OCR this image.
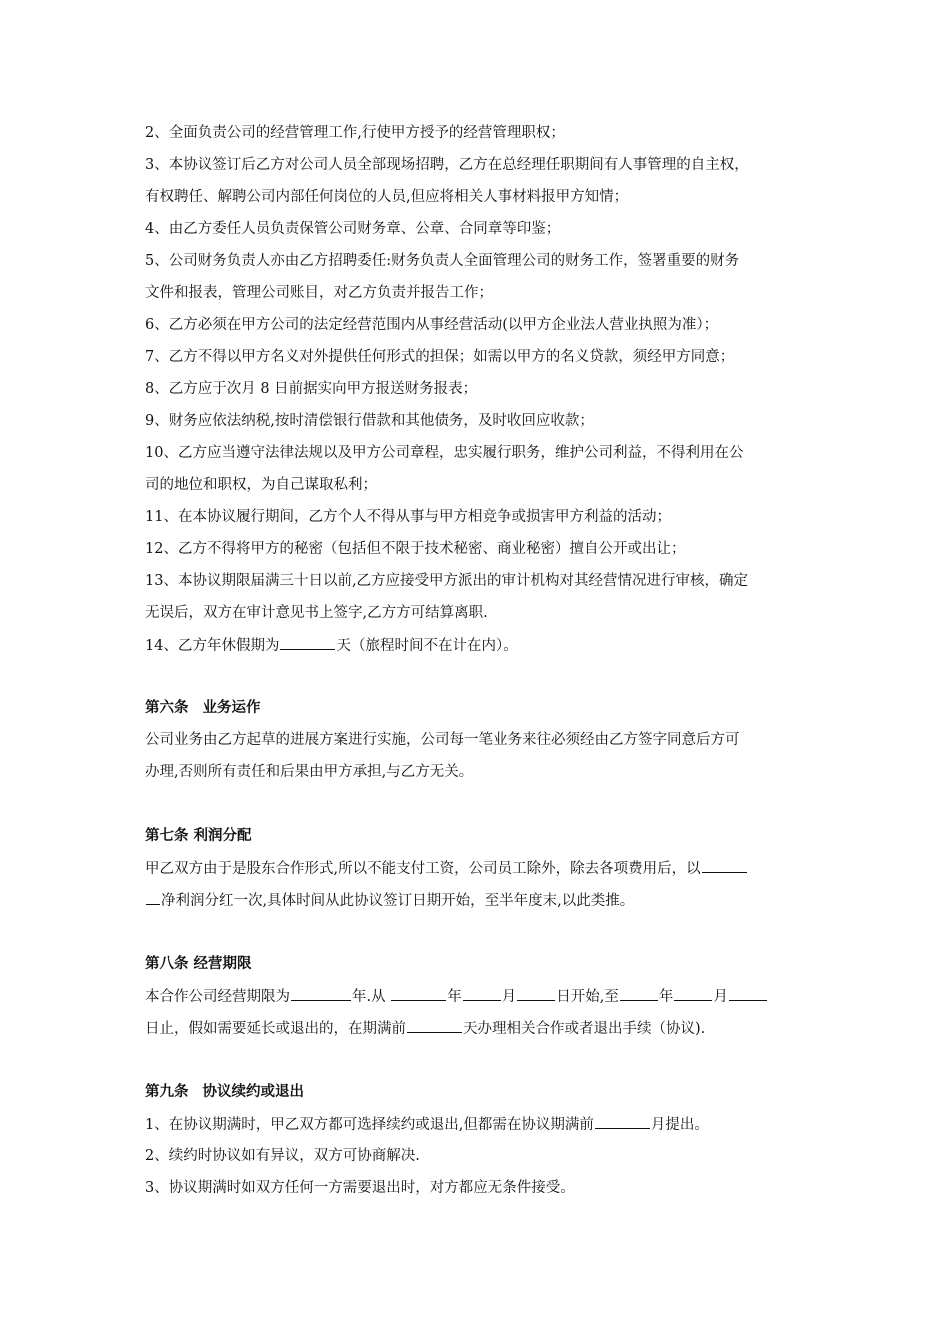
2、全面负责公司的经营管理工作,行使甲方授予的经营管理职权；
3、本协议签订后乙方对公司人员全部现场招聘，乙方在总经理任职期间有人事管理的自主权，
有权聘任、解聘公司内部任何岗位的人员,但应将相关人事材料报甲方知情；
4、由乙方委任人员负责保管公司财务章、公章、合同章等印鉴；
5、公司财务负责人亦由乙方招聘委任:财务负责人全面管理公司的财务工作，签署重要的财务
文件和报表，管理公司账目，对乙方负责并报告工作；
6、乙方必须在甲方公司的法定经营范围内从事经营活动(以甲方企业法人营业执照为准）；
7、乙方不得以甲方名义对外提供任何形式的担保；如需以甲方的名义贷款，须经甲方同意；
8、乙方应于次月 8 日前据实向甲方报送财务报表；
9、财务应依法纳税,按时清偿银行借款和其他债务，及时收回应收款；
10、乙方应当遵守法律法规以及甲方公司章程，忠实履行职务，维护公司利益，不得利用在公
司的地位和职权，为自己谋取私利；
11、在本协议履行期间，乙方个人不得从事与甲方相竞争或损害甲方利益的活动；
12、乙方不得将甲方的秘密（包括但不限于技术秘密、商业秘密）擅自公开或出让；
13、本协议期限届满三十日以前,乙方应接受甲方派出的审计机构对其经营情况进行审核，确定
无误后，双方在审计意见书上签字,乙方方可结算离职.
14、乙方年休假期为	天（旅程时间不在计在内）。
第六条 业务运作
公司业务由乙方起草的进展方案进行实施，公司每一笔业务来往必须经由乙方签字同意后方可
办理,否则所有责任和后果由甲方承担,与乙方无关。
第七条 利润分配
甲乙双方由于是股东合作形式,所以不能支付工资，公司员工除外，除去各项费用后，以
净利润分红一次,具体时间从此协议签订日期开始，至半年度末,以此类推。
第八条 经营期限
本合作公司经营期限为	年.从	年	月	日开始,至	年	月
日止，假如需要延长或退出的，在期满前	天办理相关合作或者退出手续（协议).
第九条 协议续约或退出
1、在协议期满时，甲乙双方都可选择续约或退出,但都需在协议期满前	月提出。
2、续约时协议如有异议，双方可协商解决.
3、协议期满时如双方任何一方需要退出时，对方都应无条件接受。
